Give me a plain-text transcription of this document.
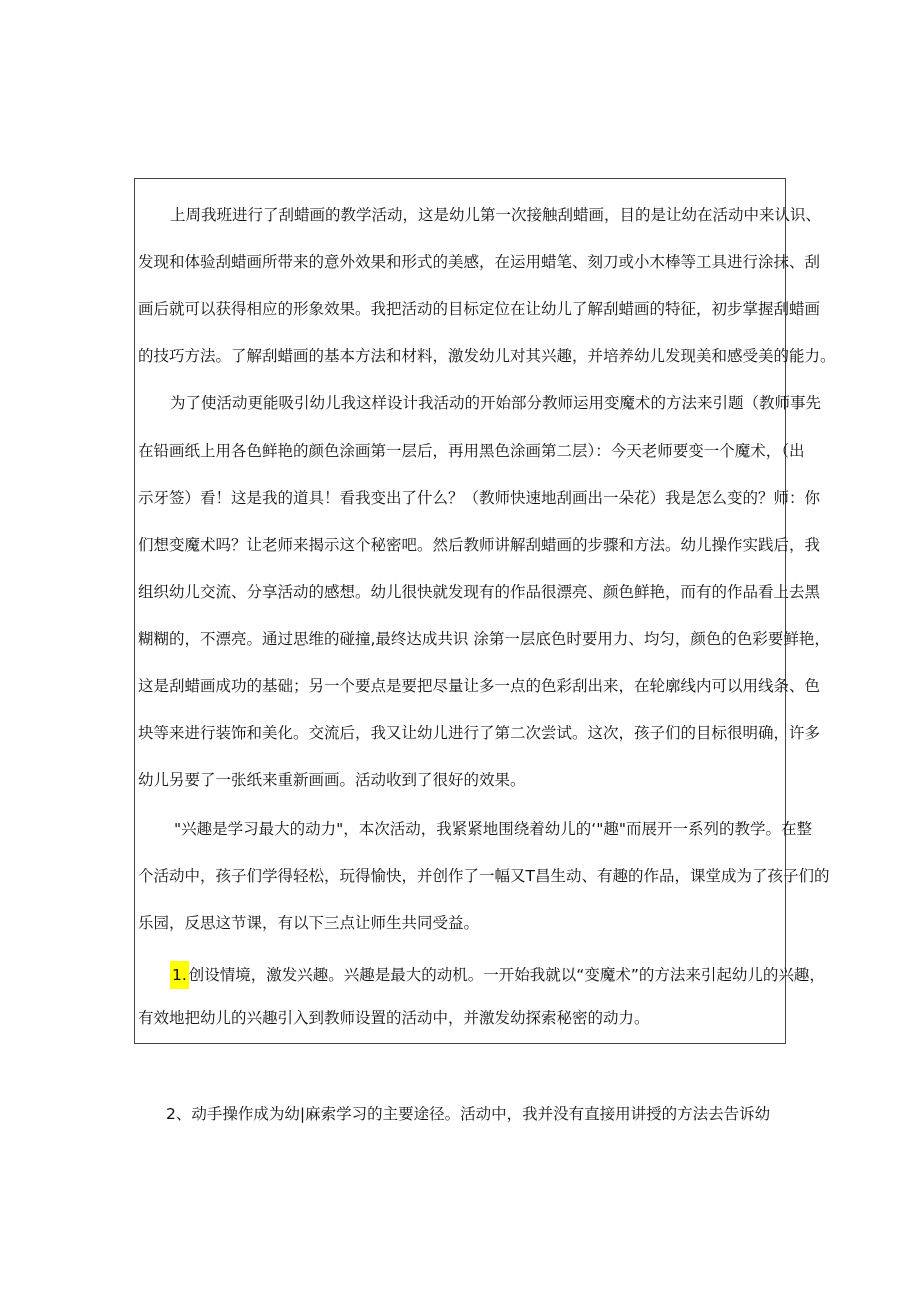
上周我班进行了刮蜡画的教学活动，这是幼儿第一次接触刮蜡画，目的是让幼在活动中来认识、
发现和体验刮蜡画所带来的意外效果和形式的美感，在运用蜡笔、刻刀或小木棒等工具进行涂抹、刮
画后就可以获得相应的形象效果。我把活动的目标定位在让幼儿了解刮蜡画的特征，初步掌握刮蜡画
的技巧方法。了解刮蜡画的基本方法和材料，激发幼儿对其兴趣，并培养幼儿发现美和感受美的能力。
为了使活动更能吸引幼儿我这样设计我活动的开始部分教师运用变魔术的方法来引题（教师事先
在铅画纸上用各色鲜艳的颜色涂画第一层后，再用黑色涂画第二层）：今天老师要变一个魔术，（出
示牙签）看！这是我的道具！看我变出了什么？（教师快速地刮画出一朵花）我是怎么变的？师：你
们想变魔术吗？让老师来揭示这个秘密吧。然后教师讲解刮蜡画的步骤和方法。幼儿操作实践后，我
组织幼儿交流、分享活动的感想。幼儿很快就发现有的作品很漂亮、颜色鲜艳，而有的作品看上去黑
糊糊的，不漂亮。通过思维的碰撞,最终达成共识 涂第一层底色时要用力、均匀，颜色的色彩要鲜艳，
这是刮蜡画成功的基础；另一个要点是要把尽量让多一点的色彩刮出来，在轮廓线内可以用线条、色
块等来进行装饰和美化。交流后，我又让幼儿进行了第二次尝试。这次，孩子们的目标很明确，许多
幼儿另要了一张纸来重新画画。活动收到了很好的效果。
"兴趣是学习最大的动力"，本次活动，我紧紧地围绕着幼儿的‘"趣"而展开一系列的教学。在整
个活动中，孩子们学得轻松，玩得愉快，并创作了一幅又T昌生动、有趣的作品，课堂成为了孩子们的
乐园，反思这节课，有以下三点让师生共同受益。
1. 创设情境，激发兴趣。兴趣是最大的动机。一开始我就以“变魔术”的方法来引起幼儿的兴趣，
有效地把幼儿的兴趣引入到教师设置的活动中，并激发幼探索秘密的动力。
2、动手操作成为幼|麻索学习的主要途径。活动中，我并没有直接用讲授的方法去告诉幼
